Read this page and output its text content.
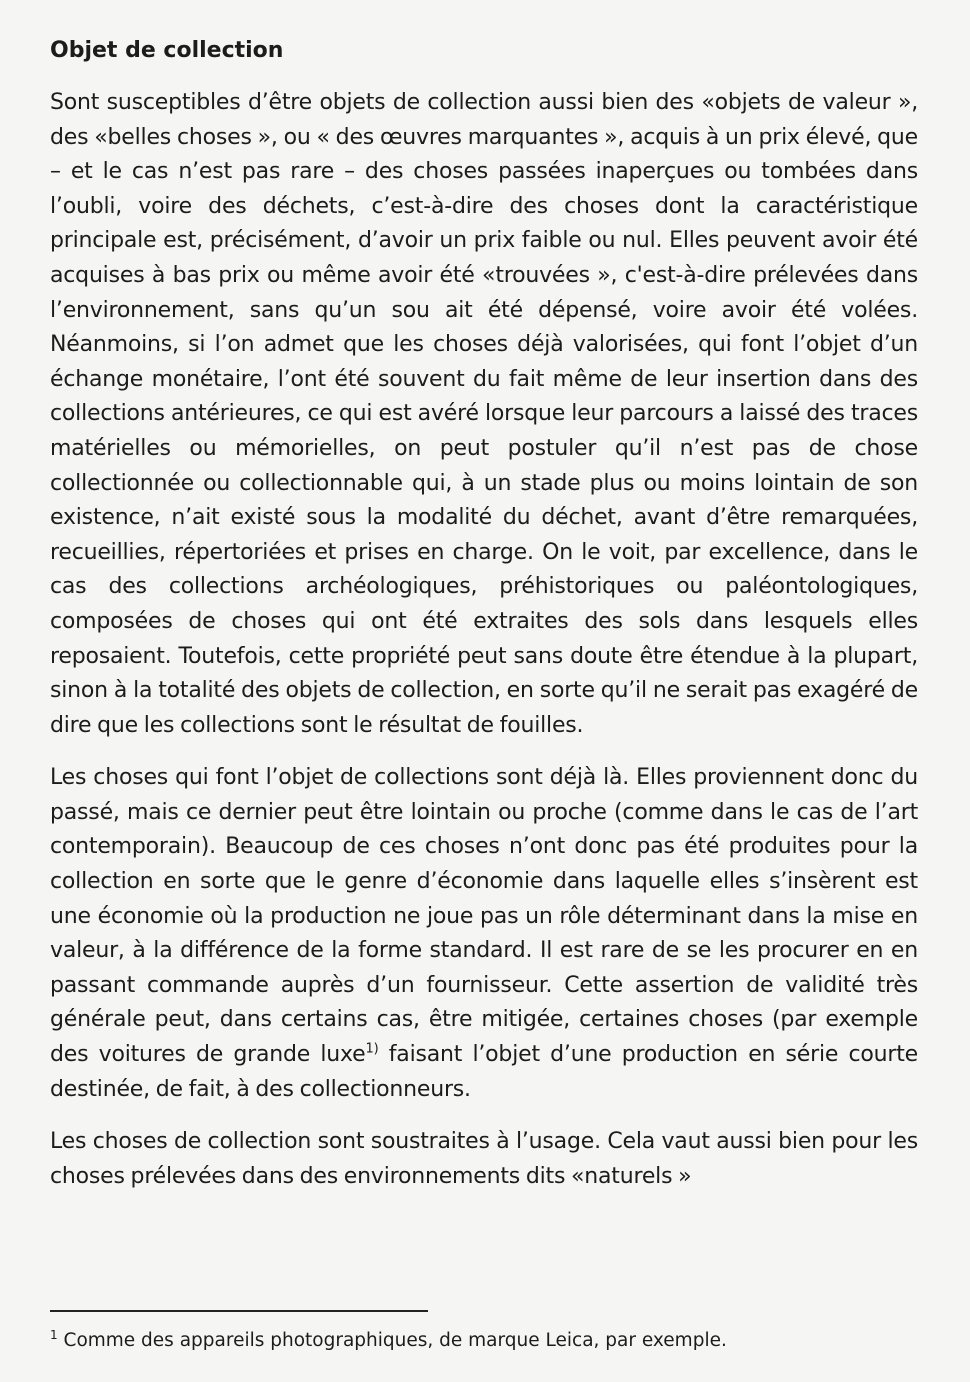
Objet de collection

Sont susceptibles d’être objets de collection aussi bien des «objets de valeur », des «belles choses », ou « des œuvres marquantes », acquis à un prix élevé, que – et le cas n’est pas rare – des choses passées inaperçues ou tombées dans l’oubli, voire des déchets, c’est-à-dire des choses dont la caractéristique principale est, précisément, d’avoir un prix faible ou nul. Elles peuvent avoir été acquises à bas prix ou même avoir été «trouvées », c'est-à-dire prélevées dans l’environnement, sans qu’un sou ait été dépensé, voire avoir été volées. Néanmoins, si l’on admet que les choses déjà valorisées, qui font l’objet d’un échange monétaire, l’ont été souvent du fait même de leur insertion dans des collections antérieures, ce qui est avéré lorsque leur parcours a laissé des traces matérielles ou mémorielles, on peut postuler qu’il n’est pas de chose collectionnée ou collectionnable qui, à un stade plus ou moins lointain de son existence, n’ait existé sous la modalité du déchet, avant d’être remarquées, recueillies, répertoriées et prises en charge. On le voit, par excellence, dans le cas des collections archéologiques, préhistoriques ou paléontologiques, composées de choses qui ont été extraites des sols dans lesquels elles reposaient. Toutefois, cette propriété peut sans doute être étendue à la plupart, sinon à la totalité des objets de collection, en sorte qu’il ne serait pas exagéré de dire que les collections sont le résultat de fouilles.

Les choses qui font l’objet de collections sont déjà là. Elles proviennent donc du passé, mais ce dernier peut être lointain ou proche (comme dans le cas de l’art contemporain). Beaucoup de ces choses n’ont donc pas été produites pour la collection en sorte que le genre d’économie dans laquelle elles s’insèrent est une économie où la production ne joue pas un rôle déterminant dans la mise en valeur, à la différence de la forme standard. Il est rare de se les procurer en en passant commande auprès d’un fournisseur. Cette assertion de validité très générale peut, dans certains cas, être mitigée, certaines choses (par exemple des voitures de grande luxe$^{1)}$ faisant l’objet d’une production en série courte destinée, de fait, à des collectionneurs.

Les choses de collection sont soustraites à l’usage. Cela vaut aussi bien pour les choses prélevées dans des environnements dits «naturels »

$^1$ Comme des appareils photographiques, de marque Leica, par exemple.
